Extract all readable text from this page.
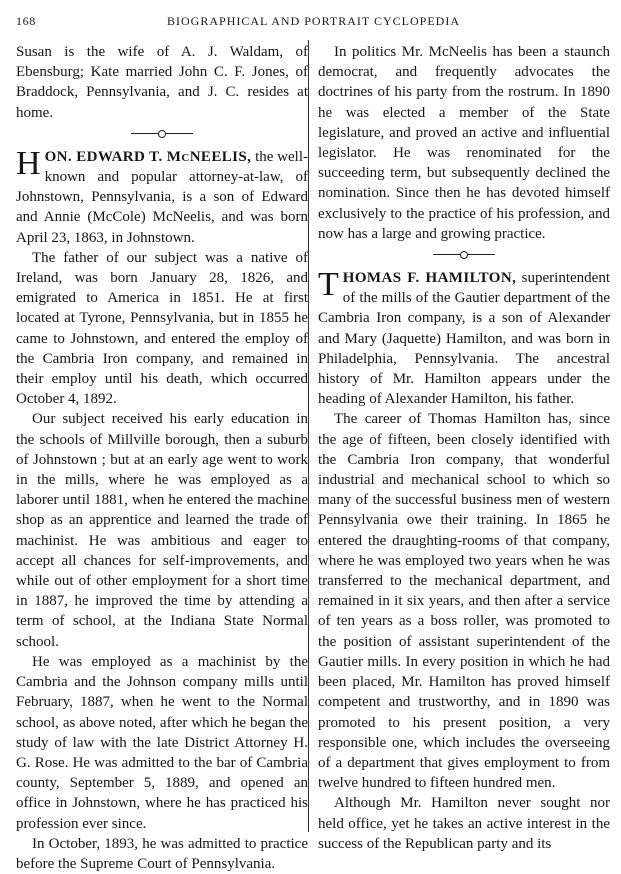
168	BIOGRAPHICAL AND PORTRAIT CYCLOPEDIA

Susan is the wife of A. J. Waldam, of Ebensburg; Kate married John C. F. Jones, of Braddock, Pennsylvania, and J. C. resides at home.

HON. EDWARD T. McNEELIS, the well-known and popular attorney-at-law, of Johnstown, Pennsylvania, is a son of Edward and Annie (McCole) McNeelis, and was born April 23, 1863, in Johnstown.

The father of our subject was a native of Ireland, was born January 28, 1826, and emigrated to America in 1851. He at first located at Tyrone, Pennsylvania, but in 1855 he came to Johnstown, and entered the employ of the Cambria Iron company, and remained in their employ until his death, which occurred October 4, 1892.

Our subject received his early education in the schools of Millville borough, then a suburb of Johnstown ; but at an early age went to work in the mills, where he was employed as a laborer until 1881, when he entered the machine shop as an apprentice and learned the trade of machinist. He was ambitious and eager to accept all chances for self-improvements, and while out of other employment for a short time in 1887, he improved the time by attending a term of school, at the Indiana State Normal school.

He was employed as a machinist by the Cambria and the Johnson company mills until February, 1887, when he went to the Normal school, as above noted, after which he began the study of law with the late District Attorney H. G. Rose. He was admitted to the bar of Cambria county, September 5, 1889, and opened an office in Johnstown, where he has practiced his profession ever since.

In October, 1893, he was admitted to practice before the Supreme Court of Pennsylvania.

In politics Mr. McNeelis has been a staunch democrat, and frequently advocates the doctrines of his party from the rostrum. In 1890 he was elected a member of the State legislature, and proved an active and influential legislator. He was renominated for the succeeding term, but subsequently declined the nomination. Since then he has devoted himself exclusively to the practice of his profession, and now has a large and growing practice.

THOMAS F. HAMILTON, superintendent of the mills of the Gautier department of the Cambria Iron company, is a son of Alexander and Mary (Jaquette) Hamilton, and was born in Philadelphia, Pennsylvania. The ancestral history of Mr. Hamilton appears under the heading of Alexander Hamilton, his father.

The career of Thomas Hamilton has, since the age of fifteen, been closely identified with the Cambria Iron company, that wonderful industrial and mechanical school to which so many of the successful business men of western Pennsylvania owe their training. In 1865 he entered the draughting-rooms of that company, where he was employed two years when he was transferred to the mechanical department, and remained in it six years, and then after a service of ten years as a boss roller, was promoted to the position of assistant superintendent of the Gautier mills. In every position in which he had been placed, Mr. Hamilton has proved himself competent and trustworthy, and in 1890 was promoted to his present position, a very responsible one, which includes the overseeing of a department that gives employment to from twelve hundred to fifteen hundred men.

Although Mr. Hamilton never sought nor held office, yet he takes an active interest in the success of the Republican party and its
